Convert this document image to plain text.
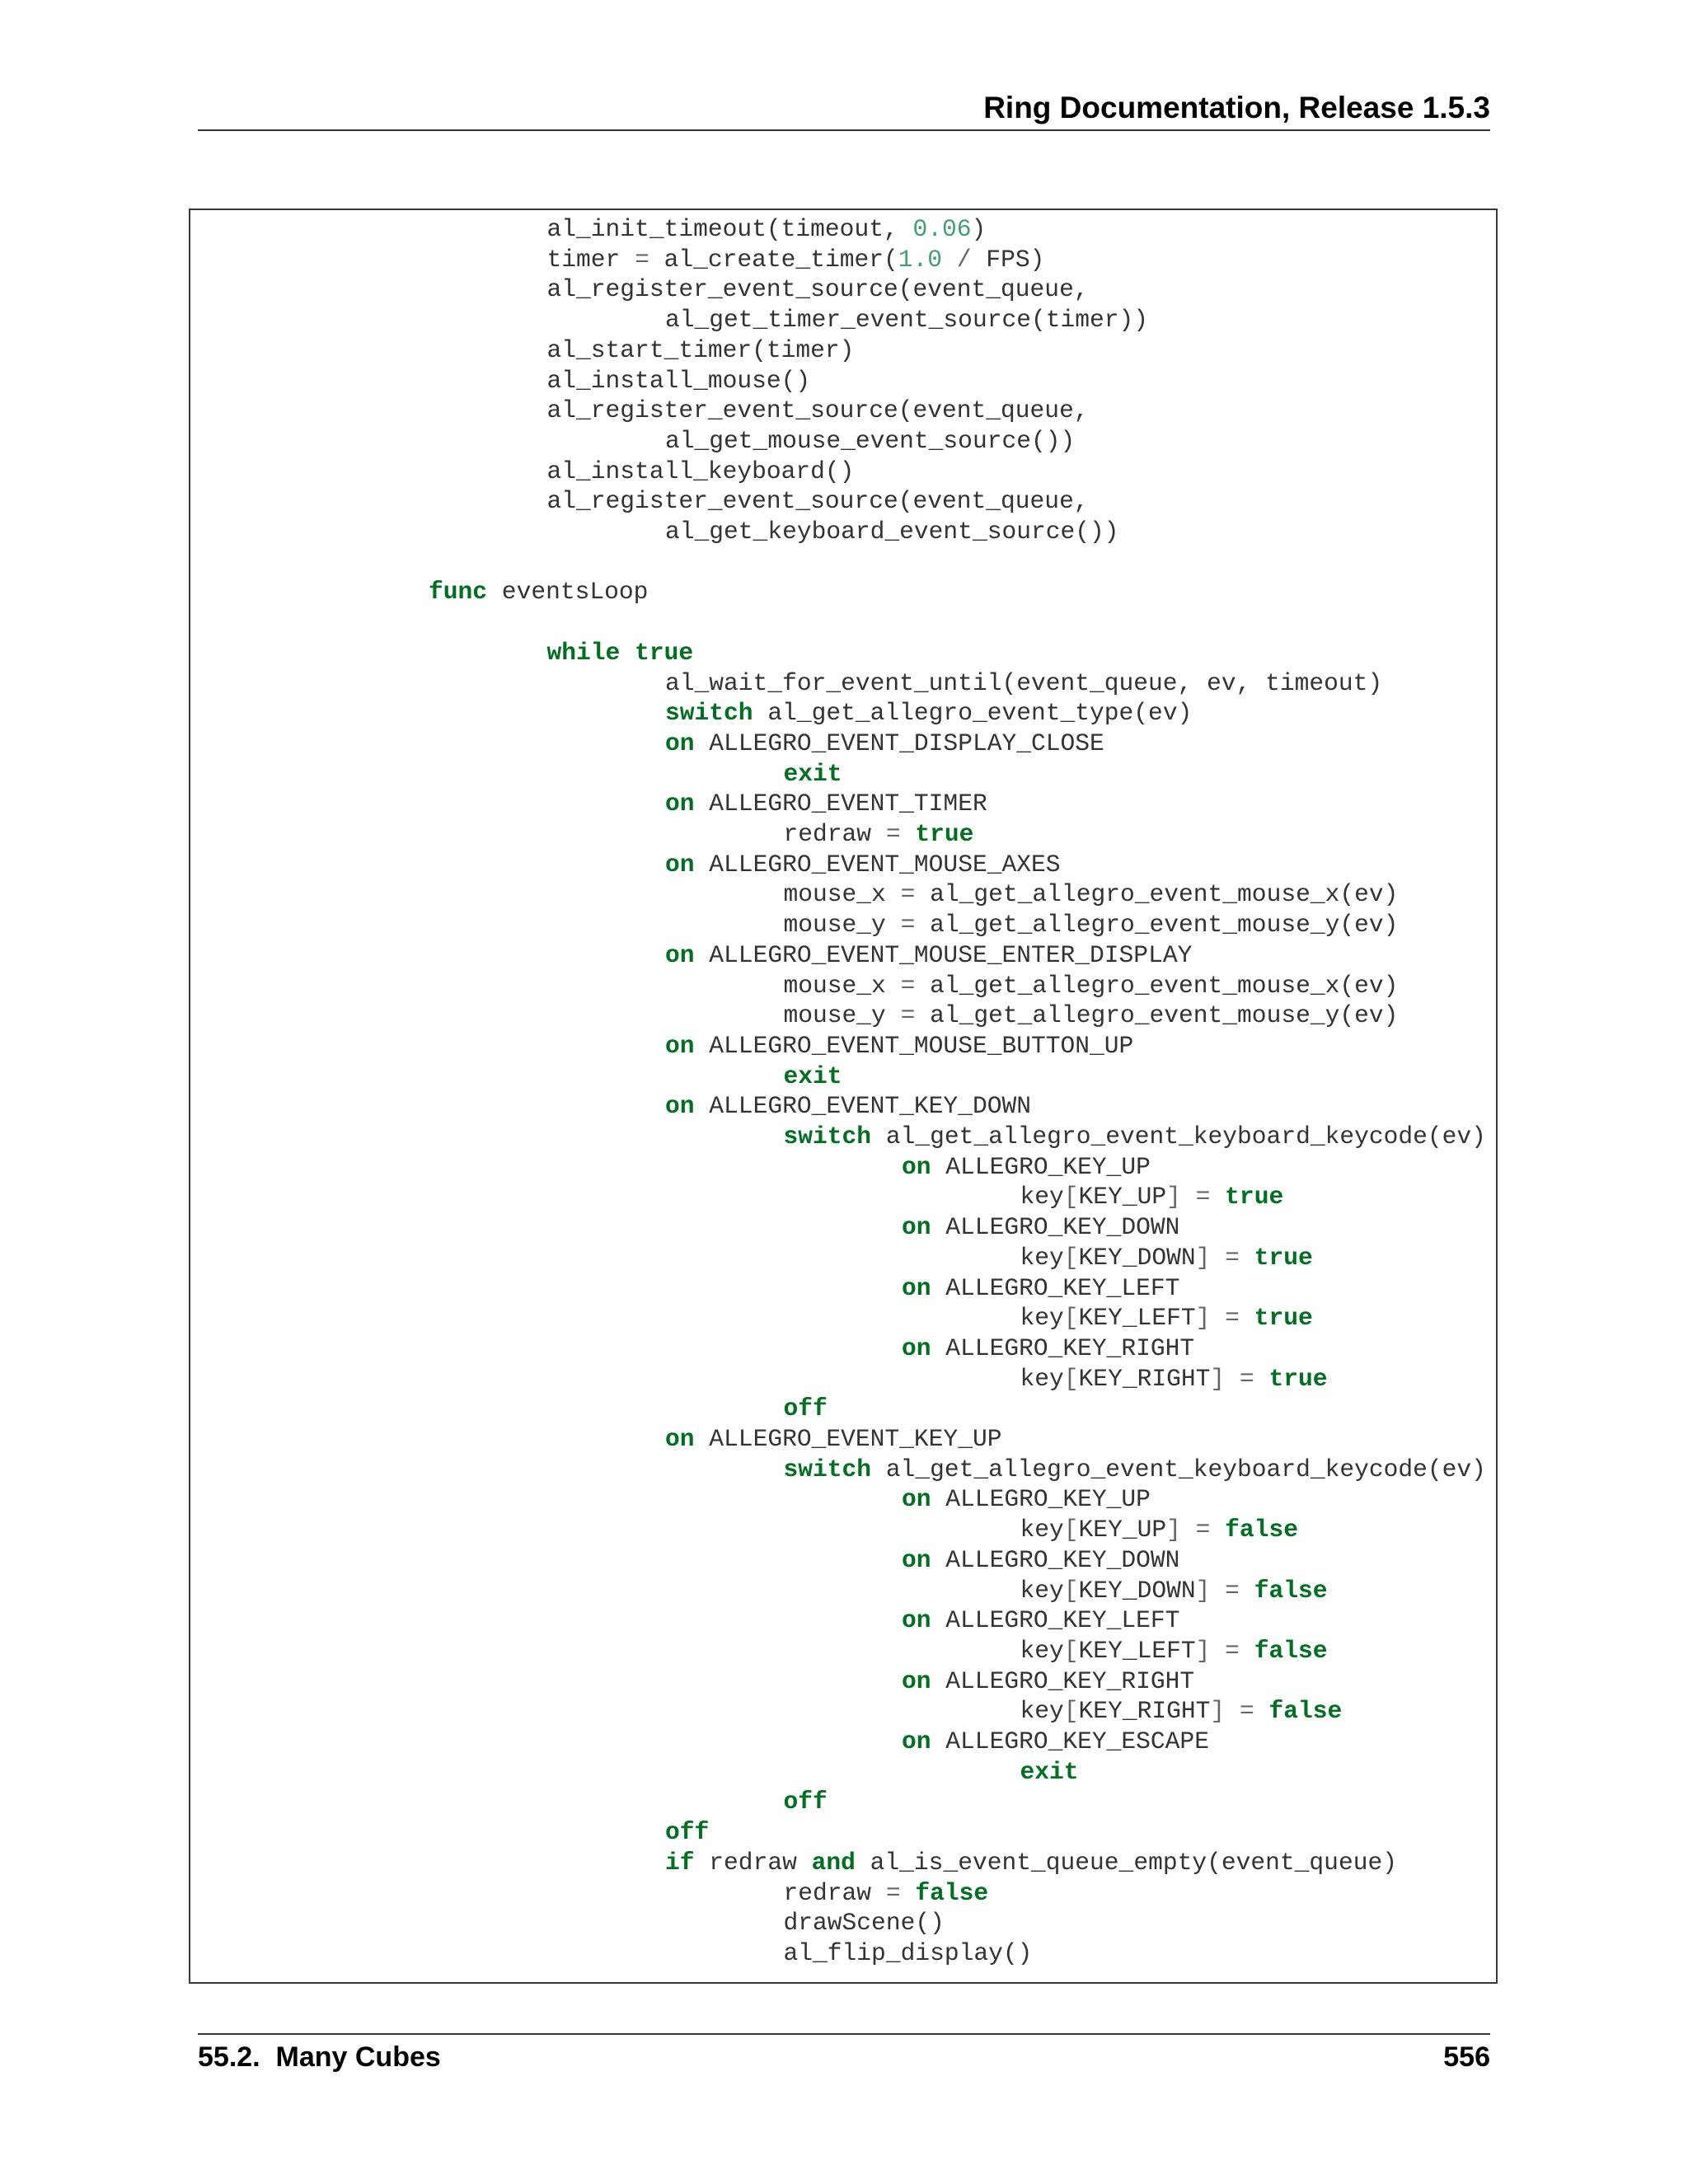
Ring Documentation, Release 1.5.3
al_init_timeout(timeout, 0.06)
timer = al_create_timer(1.0 / FPS)
al_register_event_source(event_queue,
al_get_timer_event_source(timer))
al_start_timer(timer)
al_install_mouse()
al_register_event_source(event_queue,
al_get_mouse_event_source())
al_install_keyboard()
al_register_event_source(event_queue,
al_get_keyboard_event_source())
func eventsLoop
while true
al_wait_for_event_until(event_queue, ev, timeout)
switch al_get_allegro_event_type(ev)
on ALLEGRO_EVENT_DISPLAY_CLOSE
exit
on ALLEGRO_EVENT_TIMER
redraw = true
on ALLEGRO_EVENT_MOUSE_AXES
mouse_x = al_get_allegro_event_mouse_x(ev)
mouse_y = al_get_allegro_event_mouse_y(ev)
on ALLEGRO_EVENT_MOUSE_ENTER_DISPLAY
mouse_x = al_get_allegro_event_mouse_x(ev)
mouse_y = al_get_allegro_event_mouse_y(ev)
on ALLEGRO_EVENT_MOUSE_BUTTON_UP
exit
on ALLEGRO_EVENT_KEY_DOWN
switch al_get_allegro_event_keyboard_keycode(ev)
on ALLEGRO_KEY_UP
key[KEY_UP] = true
on ALLEGRO_KEY_DOWN
key[KEY_DOWN] = true
on ALLEGRO_KEY_LEFT
key[KEY_LEFT] = true
on ALLEGRO_KEY_RIGHT
key[KEY_RIGHT] = true
off
on ALLEGRO_EVENT_KEY_UP
switch al_get_allegro_event_keyboard_keycode(ev)
on ALLEGRO_KEY_UP
key[KEY_UP] = false
on ALLEGRO_KEY_DOWN
key[KEY_DOWN] = false
on ALLEGRO_KEY_LEFT
key[KEY_LEFT] = false
on ALLEGRO_KEY_RIGHT
key[KEY_RIGHT] = false
on ALLEGRO_KEY_ESCAPE
exit
off
off
if redraw and al_is_event_queue_empty(event_queue)
redraw = false
drawScene()
al_flip_display()
55.2.  Many Cubes	556
